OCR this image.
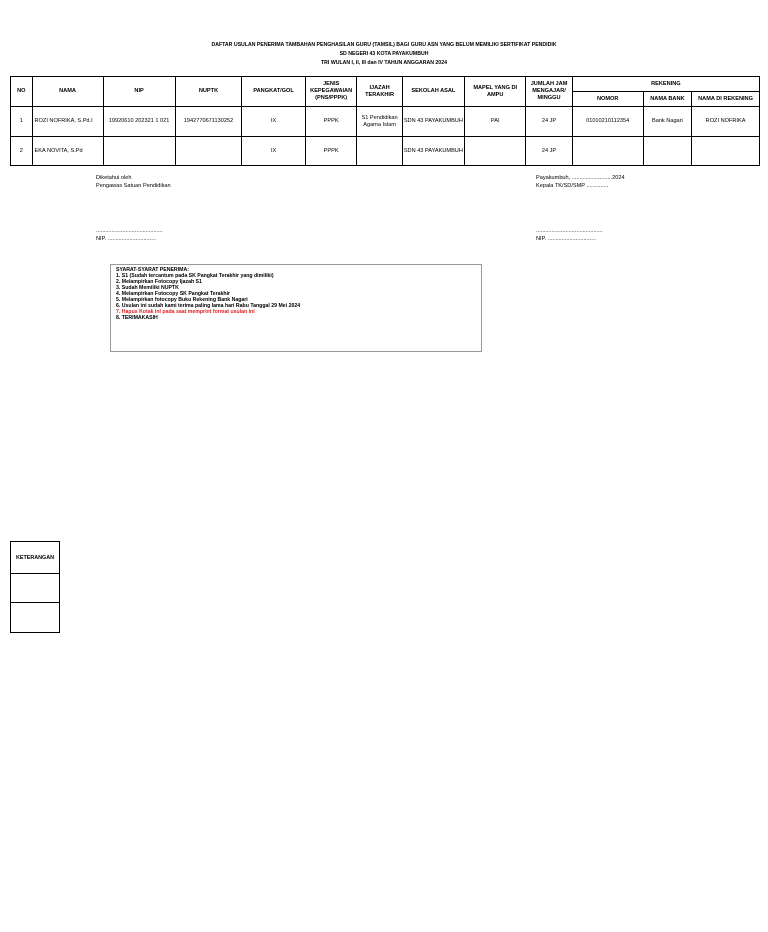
DAFTAR USULAN PENERIMA TAMBAHAN PENGHASILAN GURU (TAMSIL) BAGI GURU ASN YANG BELUM MEMILIKI SERTIFIKAT PENDIDIK
SD NEGERI 43 KOTA PAYAKUMBUH
TRI WULAN I, II, III dan IV TAHUN ANGGARAN 2024
NO	NAMA	NIP	NUPTK	PANGKAT/GOL	JENIS KEPEGAWAIAN (PNS/PPPK)	IJAZAH TERAKHIR	SEKOLAH ASAL	MAPEL YANG DI AMPU	JUMLAH JAM MENGAJAR/ MINGGU	REKENING		
										NOMOR	NAMA BANK	NAMA DI REKENING
1	ROZI NOFRIKA, S.Pd.I	19920610 202321 1 021	1942770671130252	IX	PPPK	S1 Pendidikan Agama Islam	SDN 43 PAYAKUMBUH	PAI	24 JP	01010210112354	Bank Nagari	ROZI NOFRIKA
2	EKA NOVITA, S.Pd			IX	PPPK		SDN 43 PAYAKUMBUH		24 JP			
Diketahui oleh
Pengawas Satuan Pendidikan
...........................................
NIP. ...............................
Payakumbuh, ..........................2024
Kepala TK/SD/SMP ..............
...........................................
NIP. ...............................
SYARAT-SYARAT PENERIMA:
1. S1 (Sudah tercantum pada SK Pangkat Terakhir yang dimiliki)
2. Melampirkan Fotocopy Ijazah S1
3. Sudah Memiliki NUPTK
4. Melampirkan Fotocopy SK Pangkat Terakhir
5. Melampirkan fotocopy Buku Rekening Bank Nagari
6. Usulan ini sudah kami terima paling lama hari Rabu Tanggal 29 Mei 2024
7. Hapus Kotak ini pada saat memprint format usulan ini
8. TERIMAKASIH
KETERANGAN
